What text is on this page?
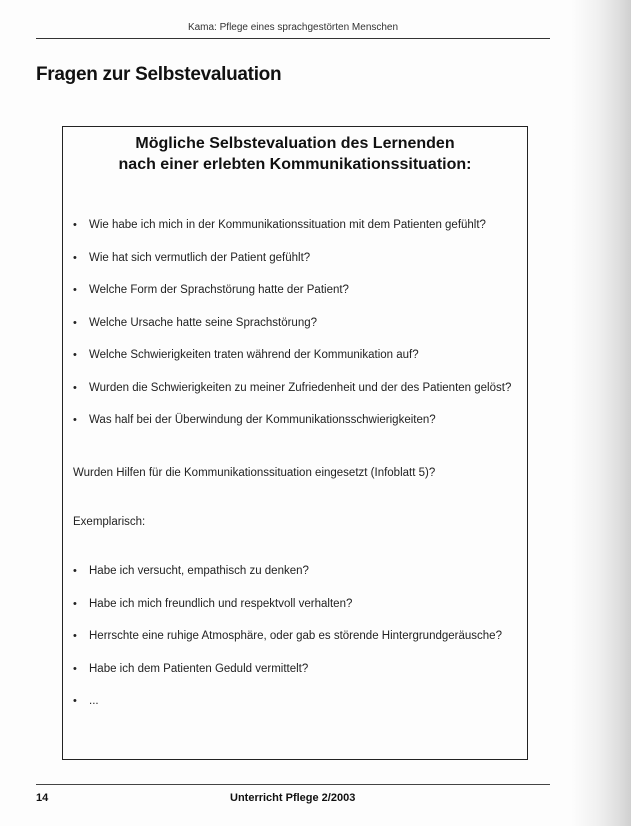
Kama: Pflege eines sprachgestörten Menschen
Fragen zur Selbstevaluation
Mögliche Selbstevaluation des Lernenden
nach einer erlebten Kommunikationssituation:
•	Wie habe ich mich in der Kommunikationssituation mit dem Patienten gefühlt?
•	Wie hat sich vermutlich der Patient gefühlt?
•	Welche Form der Sprachstörung hatte der Patient?
•	Welche Ursache hatte seine Sprachstörung?
•	Welche Schwierigkeiten traten während der Kommunikation auf?
•	Wurden die Schwierigkeiten zu meiner Zufriedenheit und der des Patienten gelöst?
•	Was half bei der Überwindung der Kommunikationsschwierigkeiten?
Wurden Hilfen für die Kommunikationssituation eingesetzt (Infoblatt 5)?
Exemplarisch:
•	Habe ich versucht, empathisch zu denken?
•	Habe ich mich freundlich und respektvoll verhalten?
•	Herrschte eine ruhige Atmosphäre, oder gab es störende Hintergrundgeräusche?
•	Habe ich dem Patienten Geduld vermittelt?
•	...
14	Unterricht Pflege 2/2003
